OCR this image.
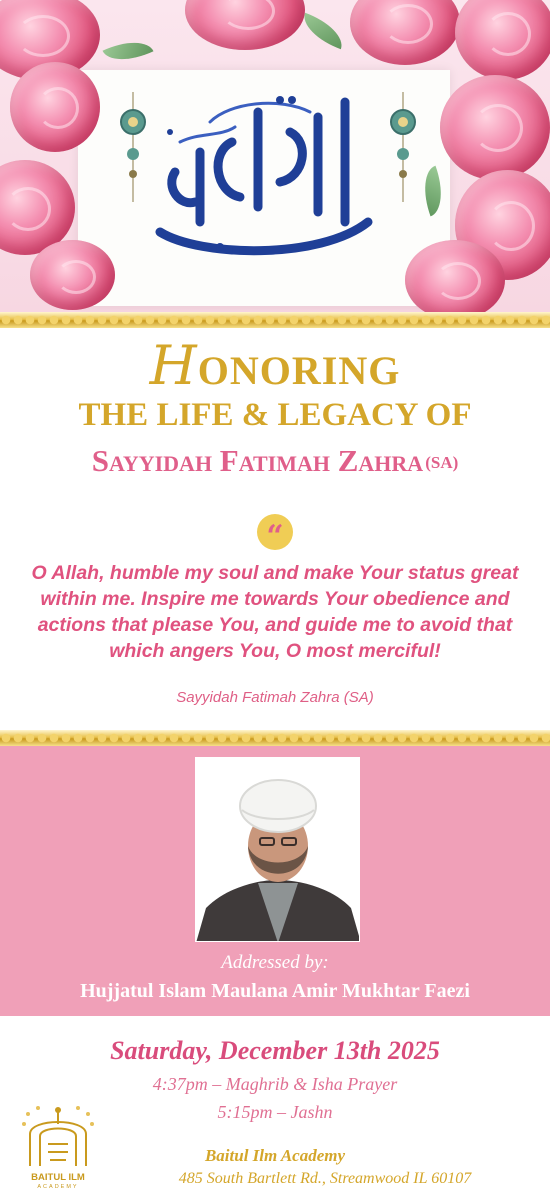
HONORING
THE LIFE & LEGACY OF
Sayyidah Fatimah Zahra (SA)
“
O Allah, humble my soul and make Your status great within me. Inspire me towards Your obedience and actions that please You, and guide me to avoid that which angers You, O most merciful!
Sayyidah Fatimah Zahra (SA)
Addressed by:
Hujjatul Islam Maulana Amir Mukhtar Faezi
Saturday, December 13th 2025
4:37pm – Maghrib & Isha Prayer
5:15pm – Jashn
Baitul Ilm Academy
485 South Bartlett Rd., Streamwood IL 60107
BAITUL ILM
ACADEMY
